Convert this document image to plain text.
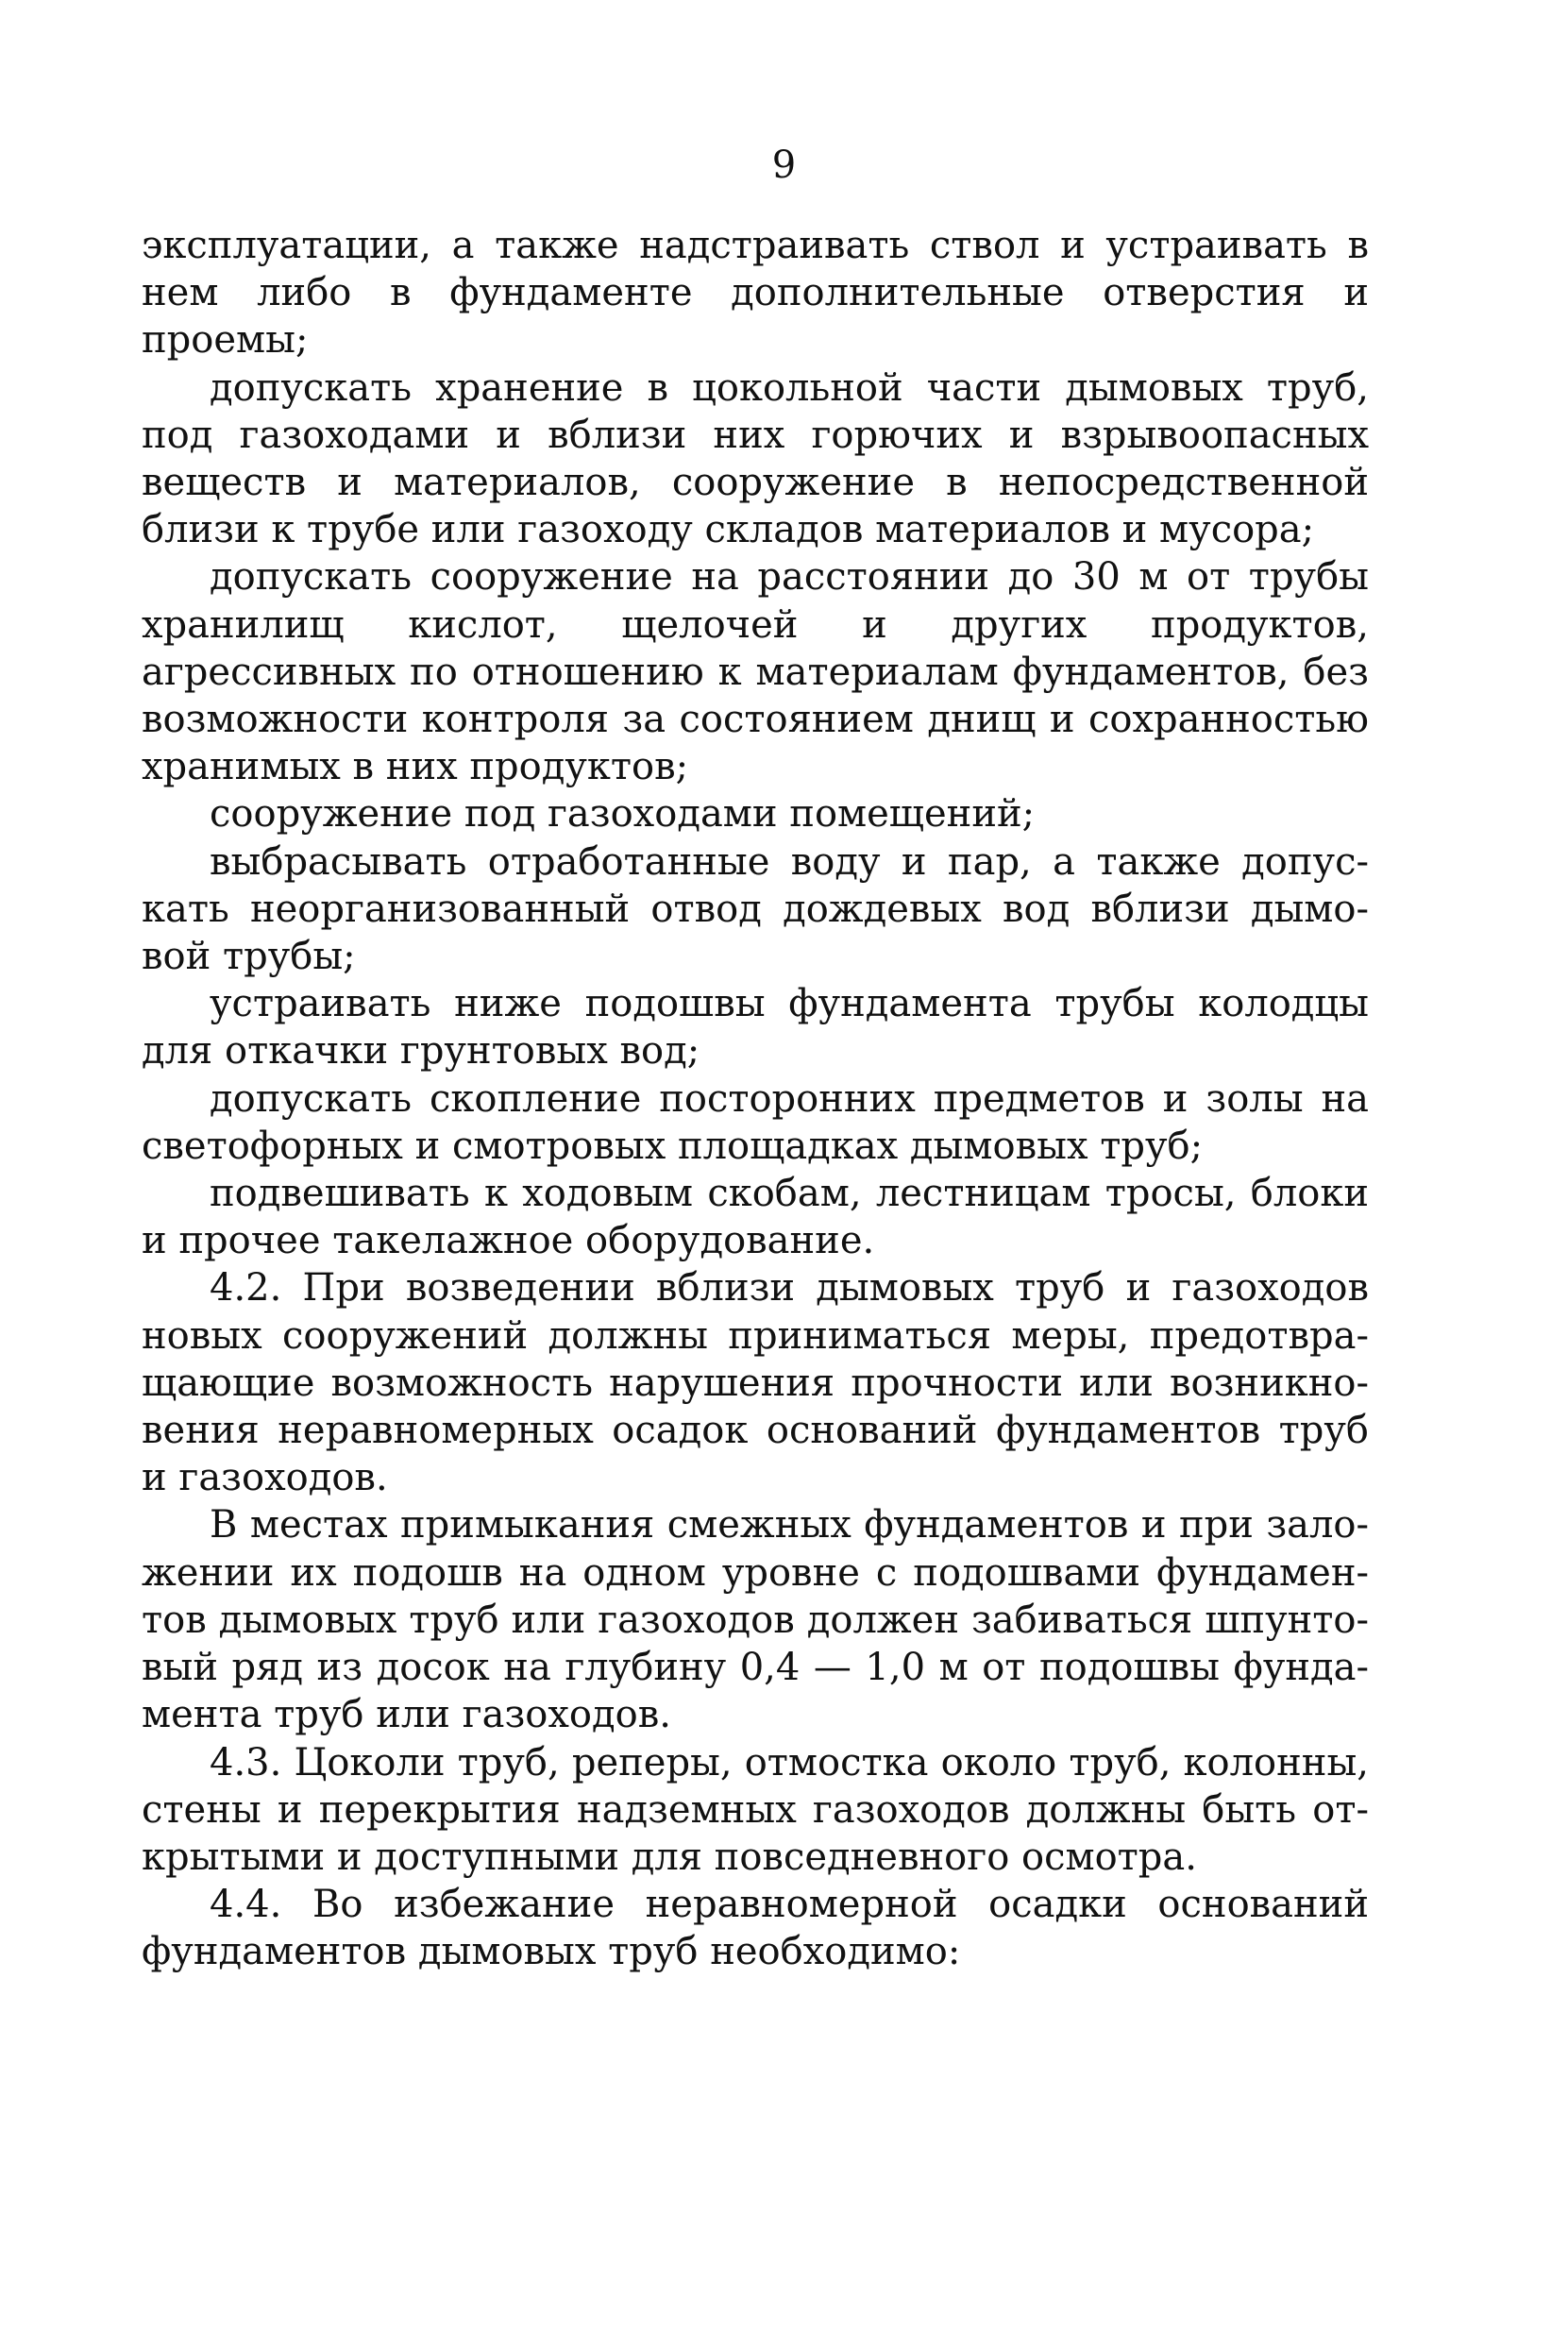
9

эксплуатации, а также надстраивать ствол и устраивать в нем либо в фундаменте дополнительные отверстия и проемы;

допускать хранение в цокольной части дымовых труб, под газоходами и вблизи них горючих и взрывоопасных веществ и материалов, сооружение в непосредственной близи к трубе или газоходу складов материалов и мусора;

допускать сооружение на расстоянии до 30 м от трубы хранилищ кислот, щелочей и других продуктов, агрессивных по отношению к материалам фундаментов, без возможности контроля за состоянием днищ и сохранностью хранимых в них продуктов;

сооружение под газоходами помещений;

выбрасывать отработанные воду и пар, а также допускать неорганизованный отвод дождевых вод вблизи дымовой трубы;

устраивать ниже подошвы фундамента трубы колодцы для откачки грунтовых вод;

допускать скопление посторонних предметов и золы на светофорных и смотровых площадках дымовых труб;

подвешивать к ходовым скобам, лестницам тросы, блоки и прочее такелажное оборудование.

4.2. При возведении вблизи дымовых труб и газоходов новых сооружений должны приниматься меры, предотвращающие возможность нарушения прочности или возникновения неравномерных осадок оснований фундаментов труб и газоходов.

В местах примыкания смежных фундаментов и при заложении их подошв на одном уровне с подошвами фундаментов дымовых труб или газоходов должен забиваться шпунтовый ряд из досок на глубину 0,4 — 1,0 м от подошвы фундамента труб или газоходов.

4.3. Цоколи труб, реперы, отмостка около труб, колонны, стены и перекрытия надземных газоходов должны быть открытыми и доступными для повседневного осмотра.

4.4. Во избежание неравномерной осадки оснований фундаментов дымовых труб необходимо:
